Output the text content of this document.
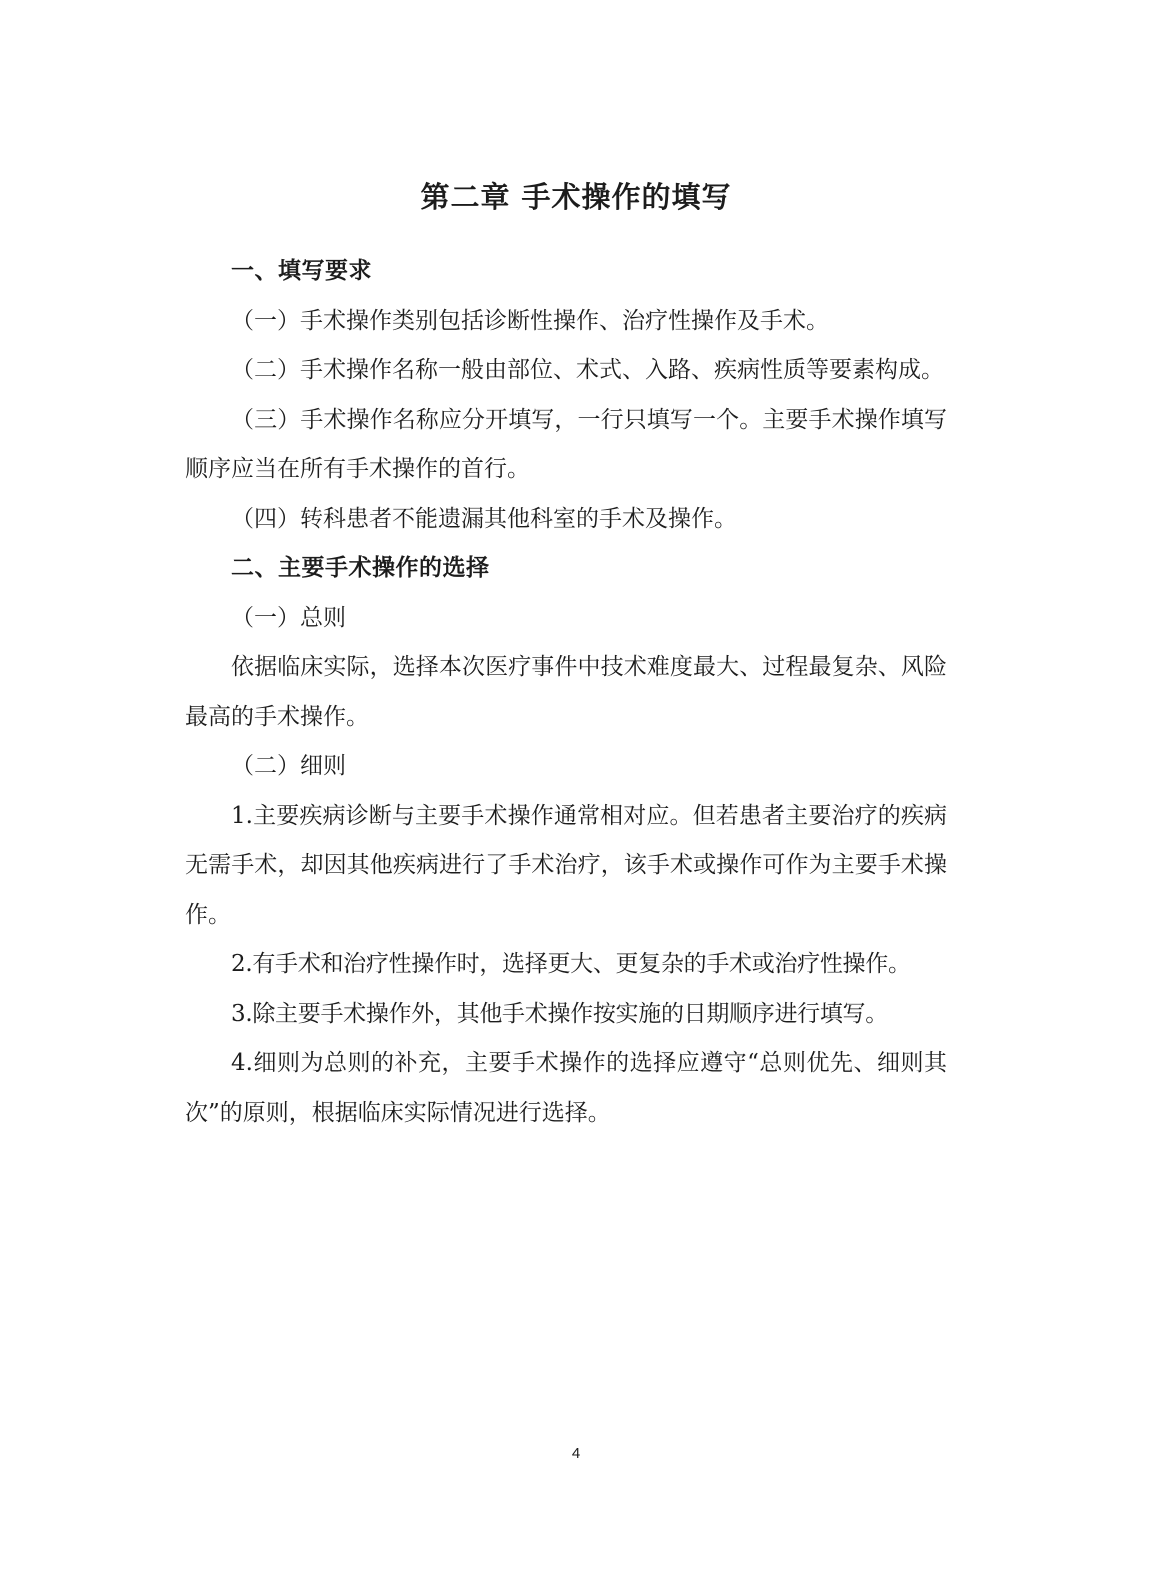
第二章 手术操作的填写

一、填写要求

（一）手术操作类别包括诊断性操作、治疗性操作及手术。

（二）手术操作名称一般由部位、术式、入路、疾病性质等要素构成。

（三）手术操作名称应分开填写，一行只填写一个。主要手术操作填写顺序应当在所有手术操作的首行。

（四）转科患者不能遗漏其他科室的手术及操作。

二、主要手术操作的选择

（一）总则

依据临床实际，选择本次医疗事件中技术难度最大、过程最复杂、风险最高的手术操作。

（二）细则

1.主要疾病诊断与主要手术操作通常相对应。但若患者主要治疗的疾病无需手术，却因其他疾病进行了手术治疗，该手术或操作可作为主要手术操作。

2.有手术和治疗性操作时，选择更大、更复杂的手术或治疗性操作。

3.除主要手术操作外，其他手术操作按实施的日期顺序进行填写。

4.细则为总则的补充，主要手术操作的选择应遵守“总则优先、细则其次”的原则，根据临床实际情况进行选择。

4
